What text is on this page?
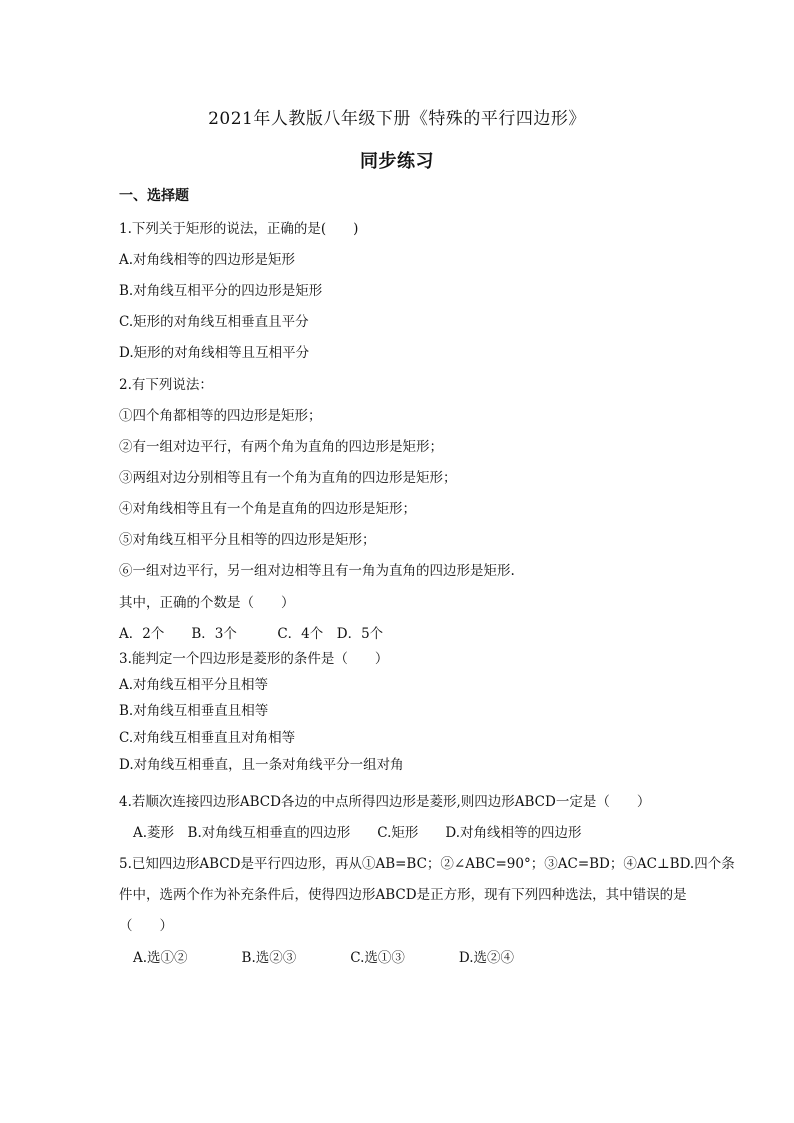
2021年人教版八年级下册《特殊的平行四边形》
同步练习
一、选择题
1.下列关于矩形的说法，正确的是(　　)
A.对角线相等的四边形是矩形
B.对角线互相平分的四边形是矩形
C.矩形的对角线互相垂直且平分
D.矩形的对角线相等且互相平分
2.有下列说法：
①四个角都相等的四边形是矩形；
②有一组对边平行，有两个角为直角的四边形是矩形；
③两组对边分别相等且有一个角为直角的四边形是矩形；
④对角线相等且有一个角是直角的四边形是矩形；
⑤对角线互相平分且相等的四边形是矩形；
⑥一组对边平行，另一组对边相等且有一角为直角的四边形是矩形.
其中，正确的个数是（　　）
A．2个　　B．3个　　　C．4个　D．5个
3.能判定一个四边形是菱形的条件是（　　）
A.对角线互相平分且相等
B.对角线互相垂直且相等
C.对角线互相垂直且对角相等
D.对角线互相垂直，且一条对角线平分一组对角
4.若顺次连接四边形ABCD各边的中点所得四边形是菱形,则四边形ABCD一定是（　　）
A.菱形　B.对角线互相垂直的四边形　　C.矩形　　D.对角线相等的四边形
5.已知四边形ABCD是平行四边形，再从①AB=BC；②∠ABC=90°；③AC=BD；④AC⊥BD.四个条
件中，选两个作为补充条件后，使得四边形ABCD是正方形，现有下列四种选法，其中错误的是
（　　）
A.选①②　　　　B.选②③　　　　C.选①③　　　　D.选②④
